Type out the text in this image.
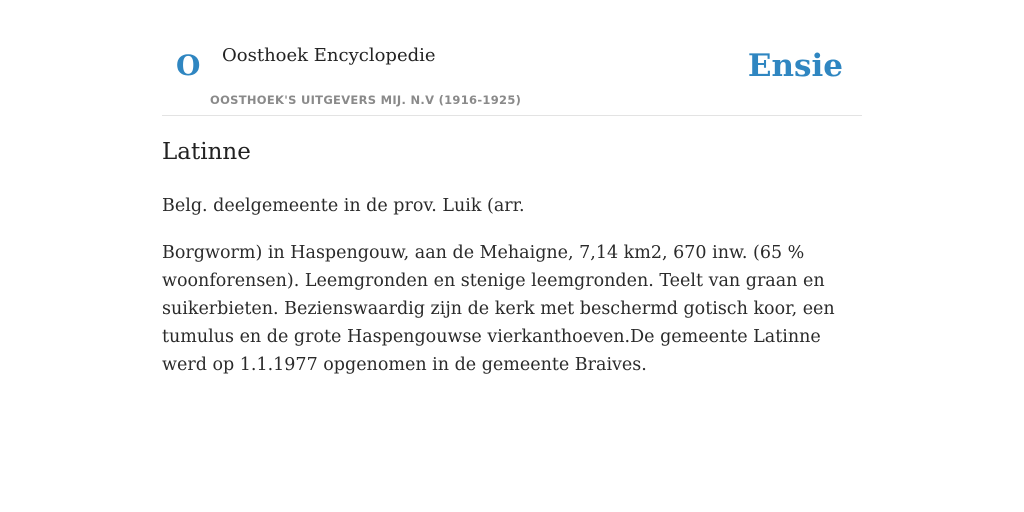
O Oosthoek Encyclopedie
OOSTHOEK'S UITGEVERS MIJ. N.V (1916-1925)
Ensie
Latinne

Belg. deelgemeente in de prov. Luik (arr.

Borgworm) in Haspengouw, aan de Mehaigne, 7,14 km2, 670 inw. (65 % woonforensen). Leemgronden en stenige leemgronden. Teelt van graan en suikerbieten. Bezienswaardig zijn de kerk met beschermd gotisch koor, een tumulus en de grote Haspengouwse vierkanthoeven.De gemeente Latinne werd op 1.1.1977 opgenomen in de gemeente Braives.
